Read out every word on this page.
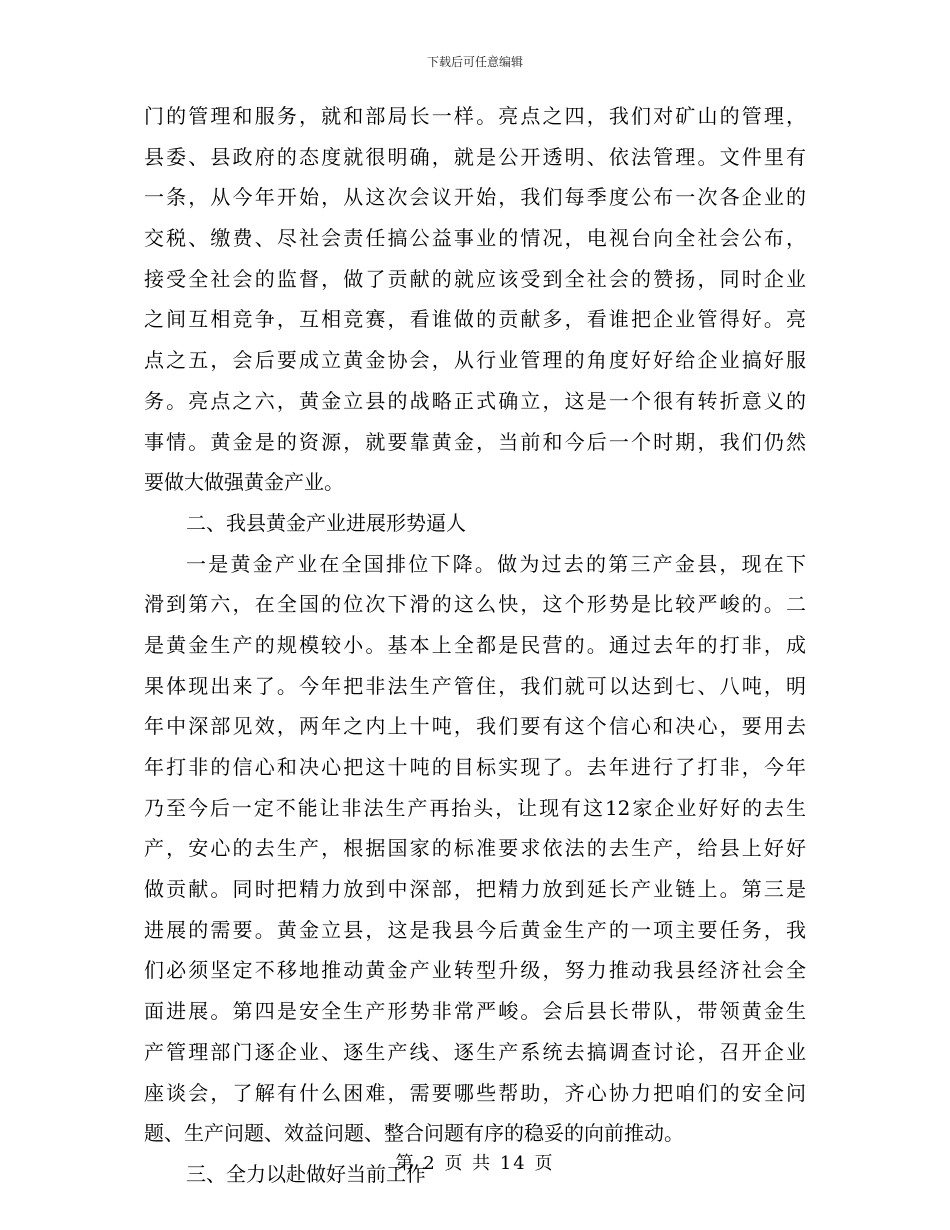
下载后可任意编辑
门的管理和服务，就和部局长一样。亮点之四，我们对矿山的管理，
县委、县政府的态度就很明确，就是公开透明、依法管理。文件里有
一条，从今年开始，从这次会议开始，我们每季度公布一次各企业的
交税、缴费、尽社会责任搞公益事业的情况，电视台向全社会公布，
接受全社会的监督，做了贡献的就应该受到全社会的赞扬，同时企业
之间互相竞争，互相竞赛，看谁做的贡献多，看谁把企业管得好。亮
点之五，会后要成立黄金协会，从行业管理的角度好好给企业搞好服
务。亮点之六，黄金立县的战略正式确立，这是一个很有转折意义的
事情。黄金是的资源，就要靠黄金，当前和今后一个时期，我们仍然
要做大做强黄金产业。
二、我县黄金产业进展形势逼人
一是黄金产业在全国排位下降。做为过去的第三产金县，现在下
滑到第六，在全国的位次下滑的这么快，这个形势是比较严峻的。二
是黄金生产的规模较小。基本上全都是民营的。通过去年的打非，成
果体现出来了。今年把非法生产管住，我们就可以达到七、八吨，明
年中深部见效，两年之内上十吨，我们要有这个信心和决心，要用去
年打非的信心和决心把这十吨的目标实现了。去年进行了打非，今年
乃至今后一定不能让非法生产再抬头，让现有这12家企业好好的去生
产，安心的去生产，根据国家的标准要求依法的去生产，给县上好好
做贡献。同时把精力放到中深部，把精力放到延长产业链上。第三是
进展的需要。黄金立县，这是我县今后黄金生产的一项主要任务，我
们必须坚定不移地推动黄金产业转型升级，努力推动我县经济社会全
面进展。第四是安全生产形势非常严峻。会后县长带队，带领黄金生
产管理部门逐企业、逐生产线、逐生产系统去搞调查讨论，召开企业
座谈会，了解有什么困难，需要哪些帮助，齐心协力把咱们的安全问
题、生产问题、效益问题、整合问题有序的稳妥的向前推动。
三、全力以赴做好当前工作
第 2 页 共 14 页
